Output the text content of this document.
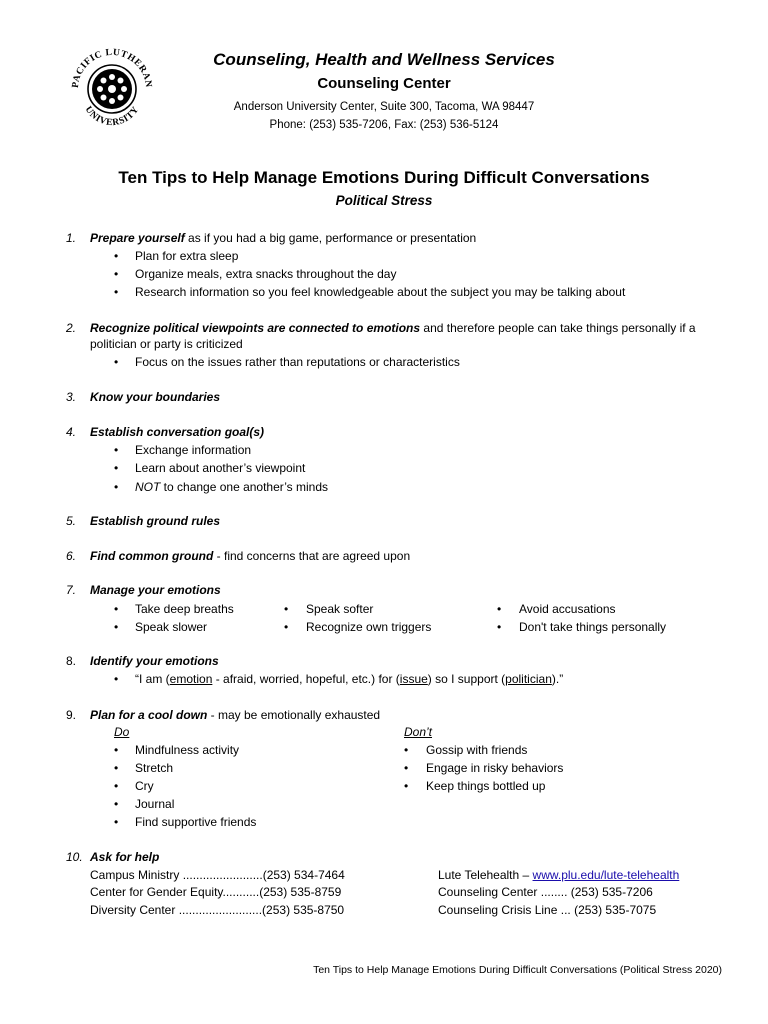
PACIFIC LUTHERAN
UNIVERSITY
Counseling, Health and Wellness Services
Counseling Center
Anderson University Center, Suite 300, Tacoma, WA 98447
Phone: (253) 535-7206, Fax: (253) 536-5124
Ten Tips to Help Manage Emotions During Difficult Conversations
Political Stress
1. Prepare yourself as if you had a big game, performance or presentation
• Plan for extra sleep
• Organize meals, extra snacks throughout the day
• Research information so you feel knowledgeable about the subject you may be talking about
2. Recognize political viewpoints are connected to emotions and therefore people can take things personally if a
politician or party is criticized
• Focus on the issues rather than reputations or characteristics
3. Know your boundaries
4. Establish conversation goal(s)
• Exchange information
• Learn about another’s viewpoint
• NOT to change one another’s minds
5. Establish ground rules
6. Find common ground - find concerns that are agreed upon
7. Manage your emotions
• Take deep breaths
• Speak slower
• Speak softer
• Recognize own triggers
• Avoid accusations
• Don't take things personally
8. Identify your emotions
• “I am (emotion - afraid, worried, hopeful, etc.) for (issue) so I support (politician).”
9. Plan for a cool down - may be emotionally exhausted
Do	Don’t
• Mindfulness activity
• Stretch
• Cry
• Journal
• Find supportive friends
• Gossip with friends
• Engage in risky behaviors
• Keep things bottled up
10. Ask for help
Campus Ministry ........................(253) 534-7464
Center for Gender Equity...........(253) 535-8759
Diversity Center .........................(253) 535-8750
Lute Telehealth – www.plu.edu/lute-telehealth
Counseling Center ........ (253) 535-7206
Counseling Crisis Line ... (253) 535-7075
Ten Tips to Help Manage Emotions During Difficult Conversations (Political Stress 2020)
